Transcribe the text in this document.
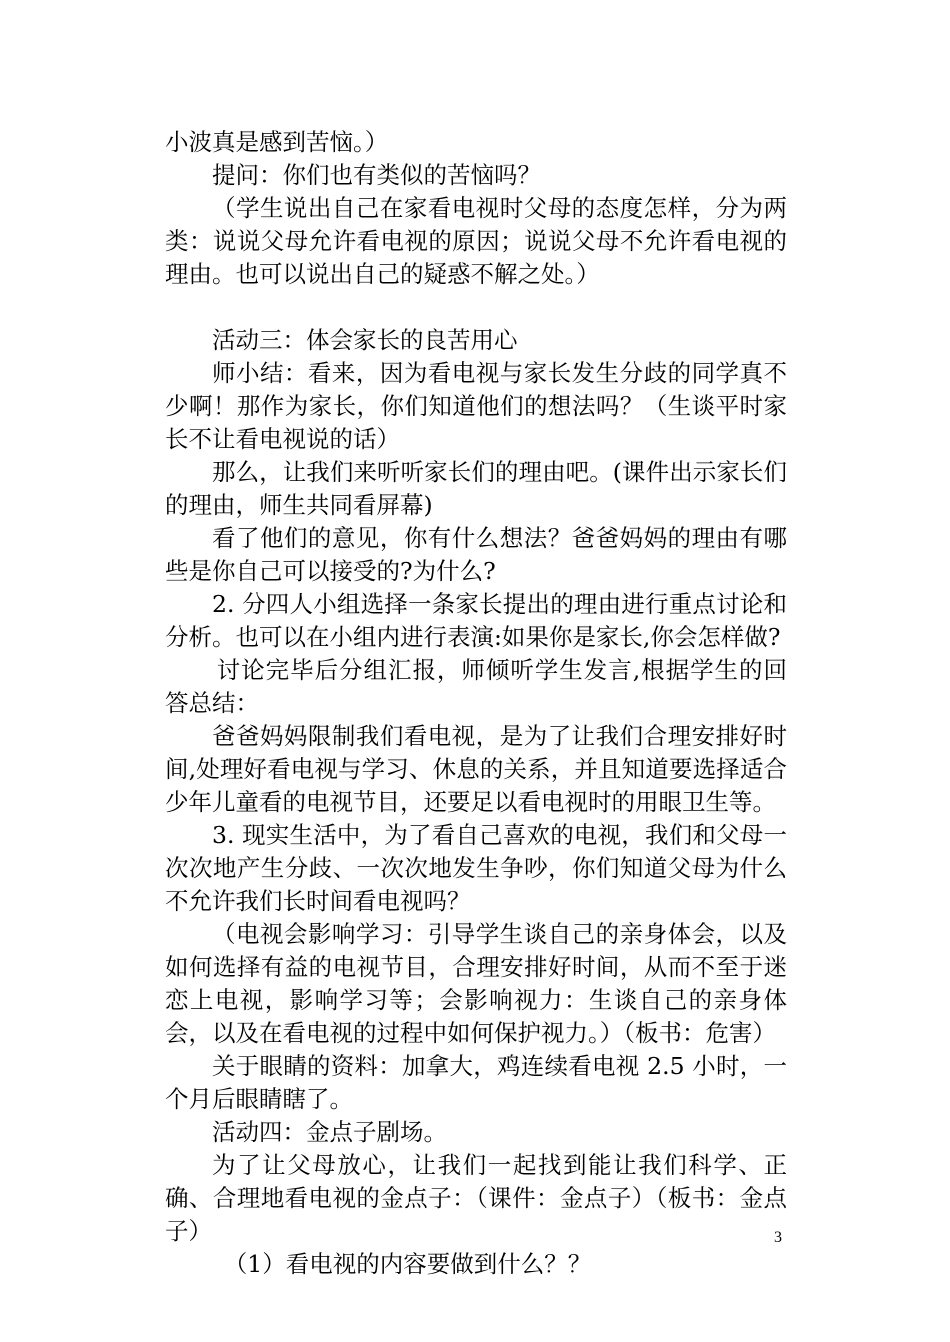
小波真是感到苦恼。）

提问：你们也有类似的苦恼吗？

（学生说出自己在家看电视时父母的态度怎样，分为两类：说说父母允许看电视的原因；说说父母不允许看电视的理由。也可以说出自己的疑惑不解之处。）

活动三：体会家长的良苦用心

师小结：看来，因为看电视与家长发生分歧的同学真不少啊！那作为家长，你们知道他们的想法吗？（生谈平时家长不让看电视说的话）

那么，让我们来听听家长们的理由吧。(课件出示家长们的理由，师生共同看屏幕)

看了他们的意见，你有什么想法？爸爸妈妈的理由有哪些是你自己可以接受的?为什么?

2. 分四人小组选择一条家长提出的理由进行重点讨论和分析。也可以在小组内进行表演:如果你是家长,你会怎样做?

讨论完毕后分组汇报，师倾听学生发言,根据学生的回答总结：

爸爸妈妈限制我们看电视，是为了让我们合理安排好时间,处理好看电视与学习、休息的关系，并且知道要选择适合少年儿童看的电视节目，还要足以看电视时的用眼卫生等。

3. 现实生活中，为了看自己喜欢的电视，我们和父母一次次地产生分歧、一次次地发生争吵，你们知道父母为什么不允许我们长时间看电视吗？

（电视会影响学习：引导学生谈自己的亲身体会，以及如何选择有益的电视节目，合理安排好时间，从而不至于迷恋上电视，影响学习等；会影响视力：生谈自己的亲身体会，以及在看电视的过程中如何保护视力。）（板书：危害）

关于眼睛的资料：加拿大，鸡连续看电视 2.5 小时，一个月后眼睛瞎了。

活动四：金点子剧场。

为了让父母放心，让我们一起找到能让我们科学、正确、合理地看电视的金点子：（课件：金点子）（板书：金点子）

（1）看电视的内容要做到什么？？

3
